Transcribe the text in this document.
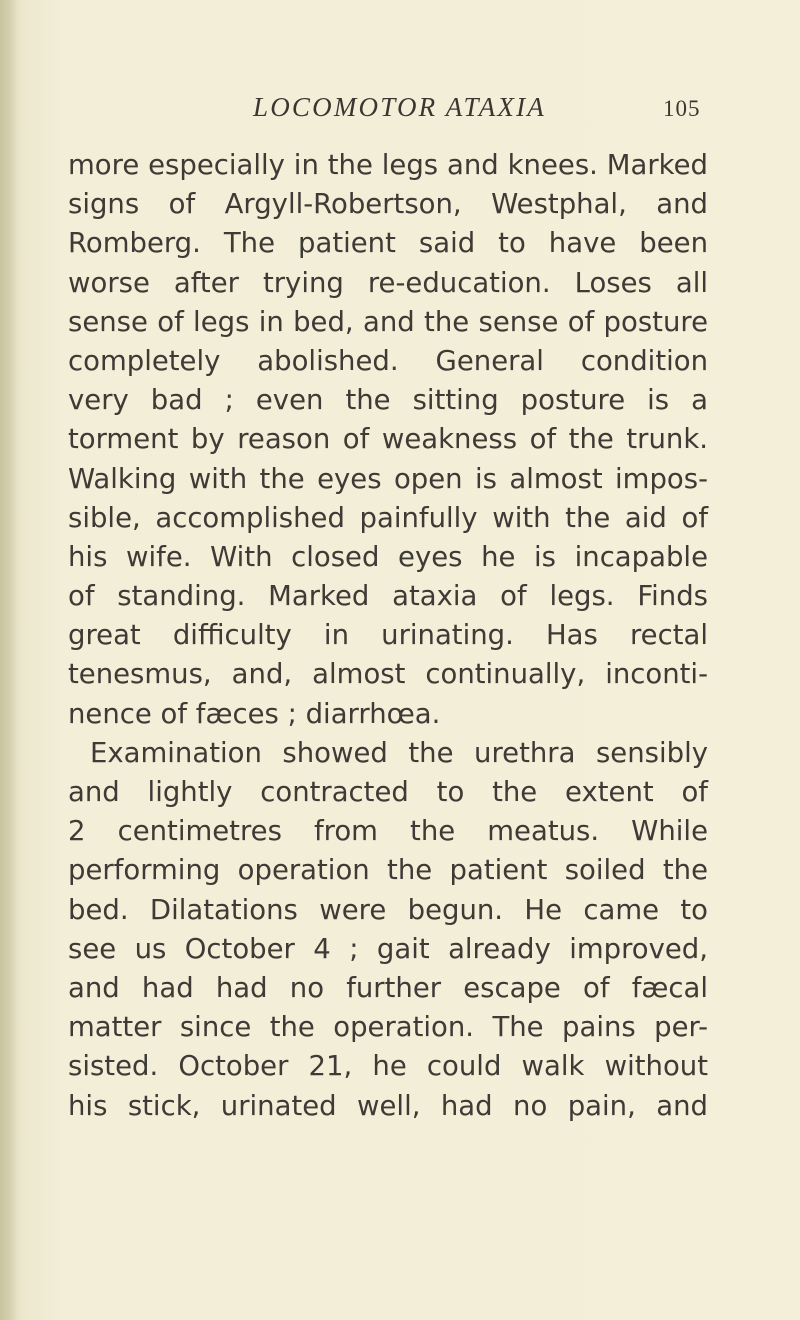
LOCOMOTOR ATAXIA	105
more especially in the legs and knees. Marked
signs of Argyll-Robertson, Westphal, and
Romberg. The patient said to have been
worse after trying re-education. Loses all
sense of legs in bed, and the sense of posture
completely abolished. General condition
very bad ; even the sitting posture is a
torment by reason of weakness of the trunk.
Walking with the eyes open is almost impos-
sible, accomplished painfully with the aid of
his wife. With closed eyes he is incapable
of standing. Marked ataxia of legs. Finds
great difficulty in urinating. Has rectal
tenesmus, and, almost continually, inconti-
nence of fæces ; diarrhœa.
Examination showed the urethra sensibly
and lightly contracted to the extent of
2 centimetres from the meatus. While
performing operation the patient soiled the
bed. Dilatations were begun. He came to
see us October 4 ; gait already improved,
and had had no further escape of fæcal
matter since the operation. The pains per-
sisted. October 21, he could walk without
his stick, urinated well, had no pain, and
